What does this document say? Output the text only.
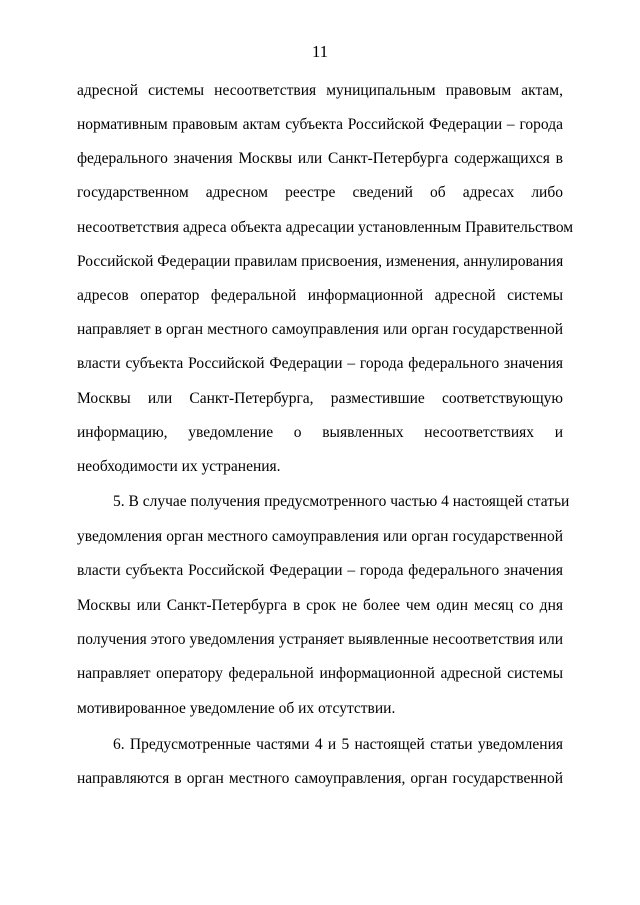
11
адресной системы несоответствия муниципальным правовым актам,
нормативным правовым актам субъекта Российской Федерации – города
федерального значения Москвы или Санкт-Петербурга содержащихся в
государственном адресном реестре сведений об адресах либо
несоответствия адреса объекта адресации установленным Правительством
Российской Федерации правилам присвоения, изменения, аннулирования
адресов оператор федеральной информационной адресной системы
направляет в орган местного самоуправления или орган государственной
власти субъекта Российской Федерации – города федерального значения
Москвы или Санкт-Петербурга, разместившие соответствующую
информацию, уведомление о выявленных несоответствиях и
необходимости их устранения.
5. В случае получения предусмотренного частью 4 настоящей статьи
уведомления орган местного самоуправления или орган государственной
власти субъекта Российской Федерации – города федерального значения
Москвы или Санкт-Петербурга в срок не более чем один месяц со дня
получения этого уведомления устраняет выявленные несоответствия или
направляет оператору федеральной информационной адресной системы
мотивированное уведомление об их отсутствии.
6. Предусмотренные частями 4 и 5 настоящей статьи уведомления
направляются в орган местного самоуправления, орган государственной
